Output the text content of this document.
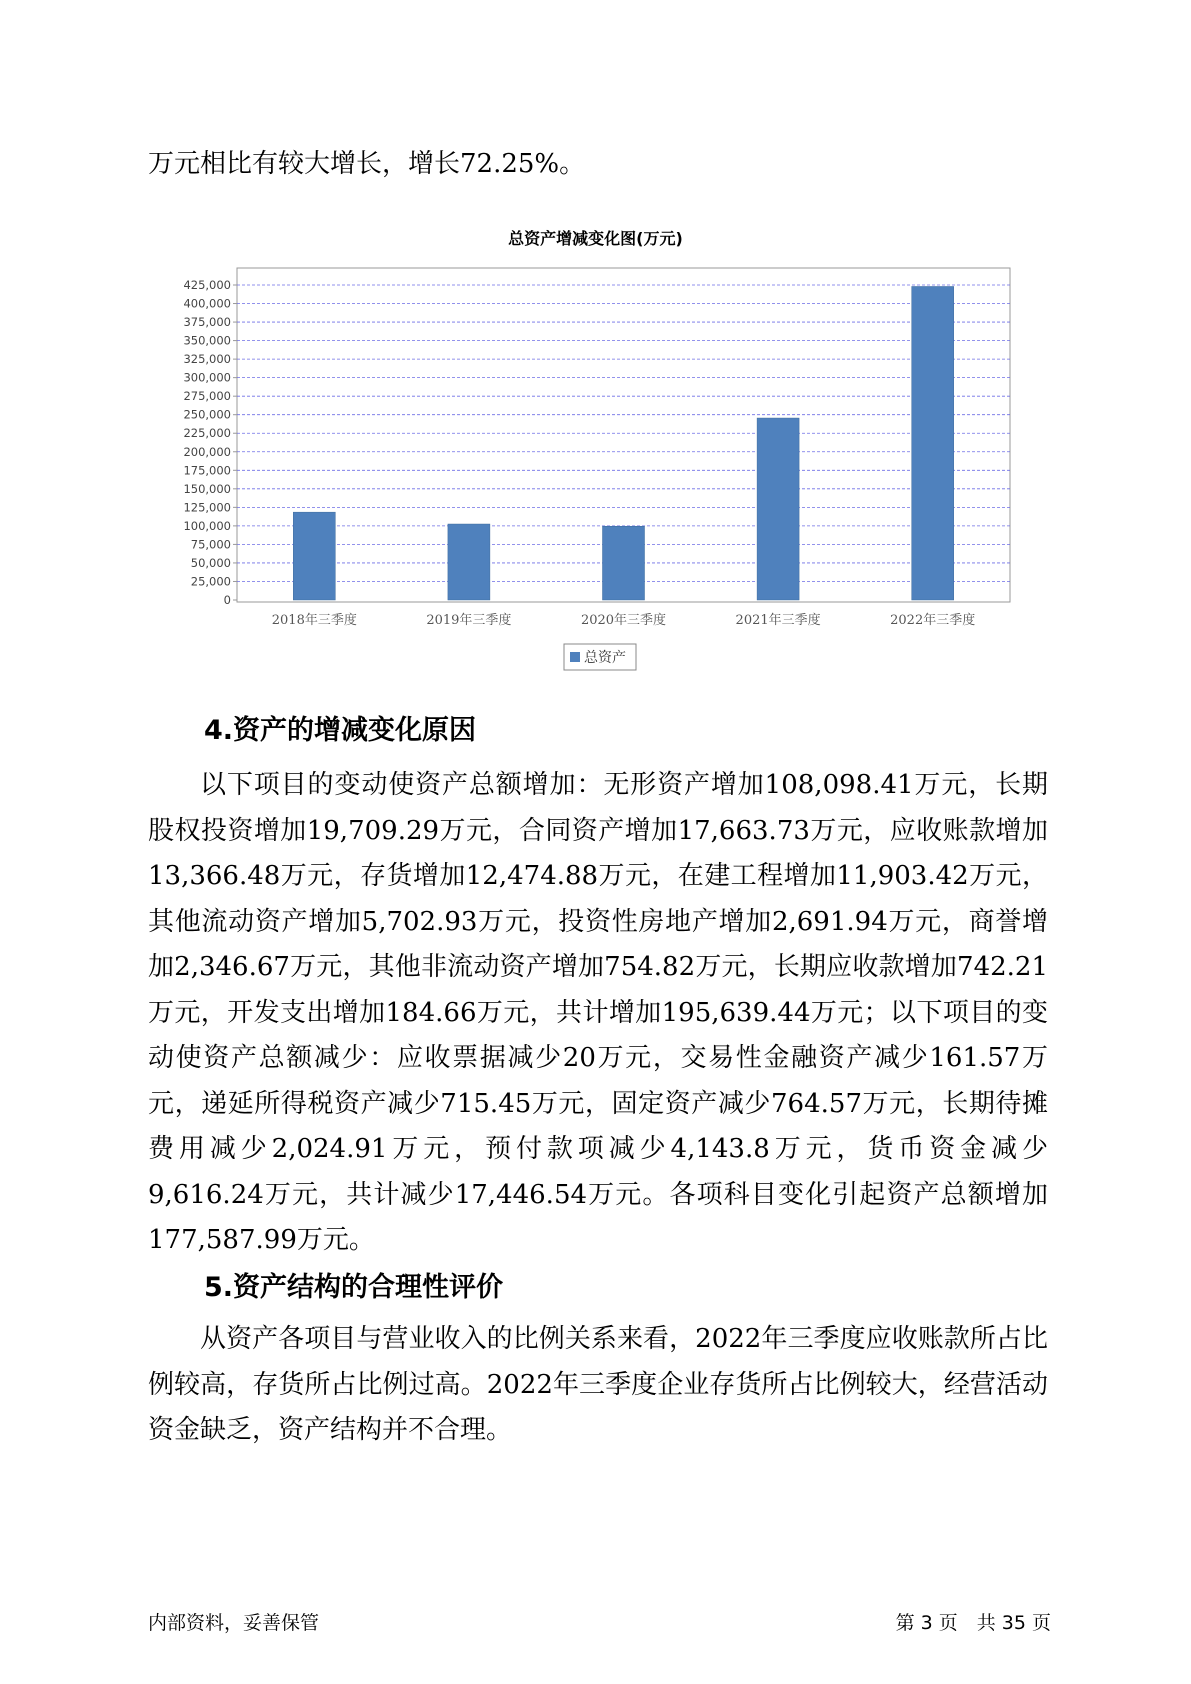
万元相比有较大增长，增长72.25%。

总资产增减变化图(万元)
0
25,000
50,000
75,000
100,000
125,000
150,000
175,000
200,000
225,000
250,000
275,000
300,000
325,000
350,000
375,000
400,000
425,000
2018年三季度	2019年三季度	2020年三季度	2021年三季度	2022年三季度
总资产
4.资产的增减变化原因

以下项目的变动使资产总额增加：无形资产增加108,098.41万元，长期股权投资增加19,709.29万元，合同资产增加17,663.73万元，应收账款增加13,366.48万元，存货增加12,474.88万元，在建工程增加11,903.42万元，其他流动资产增加5,702.93万元，投资性房地产增加2,691.94万元，商誉增加2,346.67万元，其他非流动资产增加754.82万元，长期应收款增加742.21万元，开发支出增加184.66万元，共计增加195,639.44万元；以下项目的变动使资产总额减少：应收票据减少20万元，交易性金融资产减少161.57万元，递延所得税资产减少715.45万元，固定资产减少764.57万元，长期待摊费用减少2,024.91万元，预付款项减少4,143.8万元，货币资金减少9,616.24万元，共计减少17,446.54万元。各项科目变化引起资产总额增加177,587.99万元。

5.资产结构的合理性评价

从资产各项目与营业收入的比例关系来看，2022年三季度应收账款所占比例较高，存货所占比例过高。2022年三季度企业存货所占比例较大，经营活动资金缺乏，资产结构并不合理。

内部资料，妥善保管	第 3 页　共 35 页
